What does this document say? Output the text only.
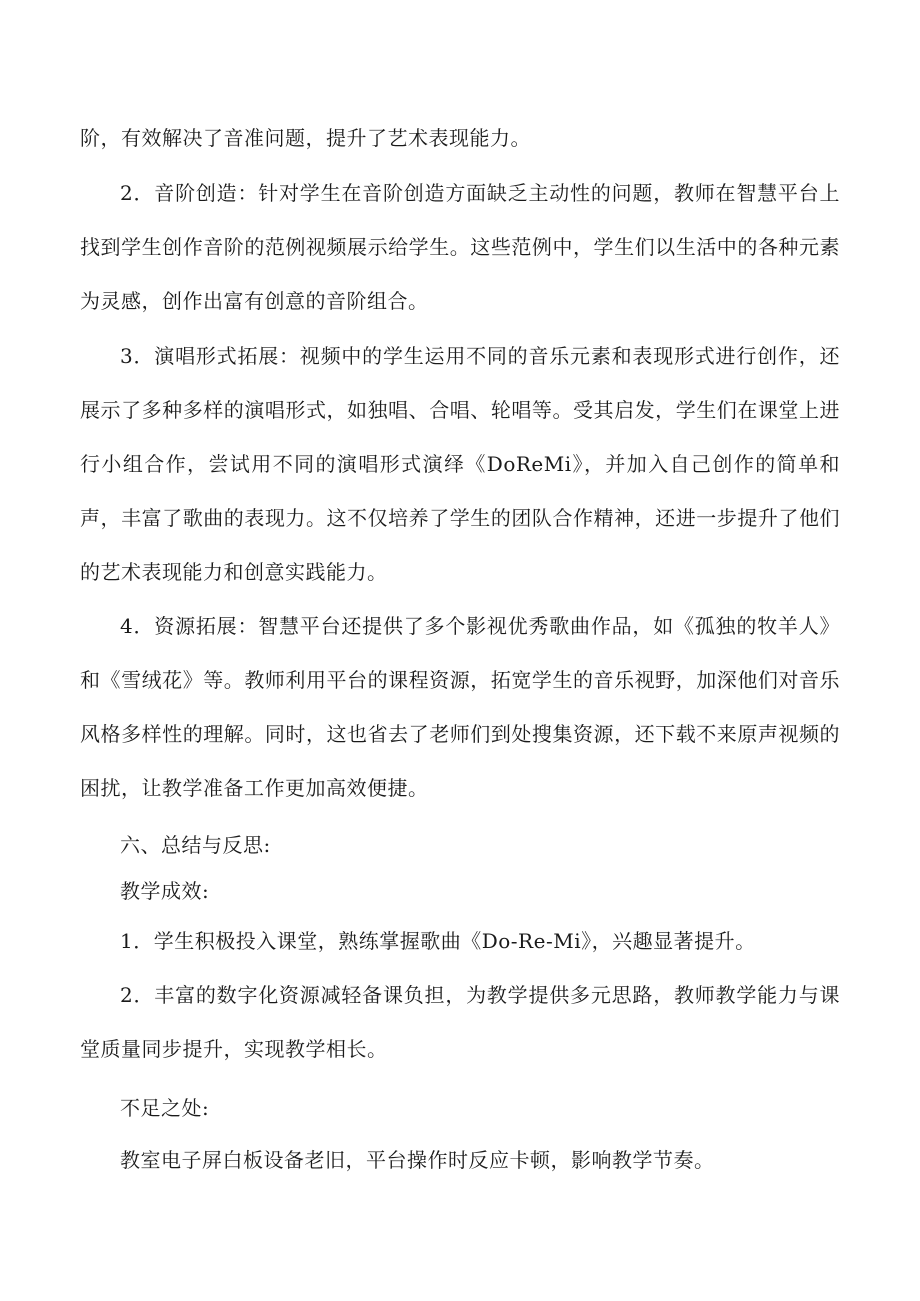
阶，有效解决了音准问题，提升了艺术表现能力。

2．音阶创造：针对学生在音阶创造方面缺乏主动性的问题，教师在智慧平台上找到学生创作音阶的范例视频展示给学生。这些范例中，学生们以生活中的各种元素为灵感，创作出富有创意的音阶组合。

3．演唱形式拓展：视频中的学生运用不同的音乐元素和表现形式进行创作，还展示了多种多样的演唱形式，如独唱、合唱、轮唱等。受其启发，学生们在课堂上进行小组合作，尝试用不同的演唱形式演绎《DoReMi》，并加入自己创作的简单和声，丰富了歌曲的表现力。这不仅培养了学生的团队合作精神，还进一步提升了他们的艺术表现能力和创意实践能力。

4．资源拓展：智慧平台还提供了多个影视优秀歌曲作品，如《孤独的牧羊人》和《雪绒花》等。教师利用平台的课程资源，拓宽学生的音乐视野，加深他们对音乐风格多样性的理解。同时，这也省去了老师们到处搜集资源，还下载不来原声视频的困扰，让教学准备工作更加高效便捷。

六、总结与反思:

教学成效:

1．学生积极投入课堂，熟练掌握歌曲《Do-Re-Mi》，兴趣显著提升。

2．丰富的数字化资源减轻备课负担，为教学提供多元思路，教师教学能力与课堂质量同步提升，实现教学相长。

不足之处:

教室电子屏白板设备老旧，平台操作时反应卡顿，影响教学节奏。
